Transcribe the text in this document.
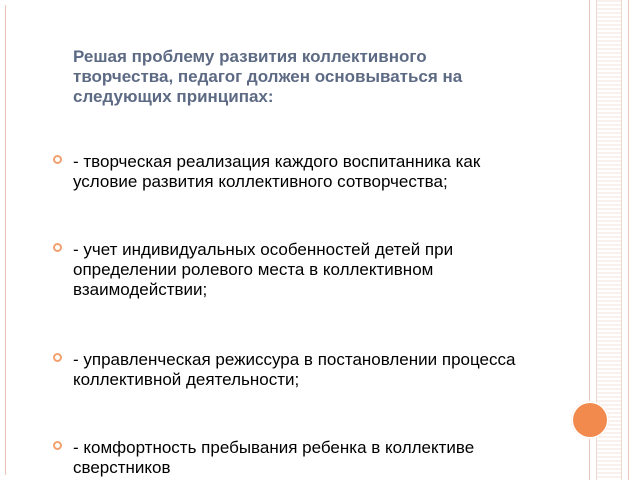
Решая проблему развития коллективного
творчества, педагог должен основываться на
следующих принципах:

- творческая реализация каждого воспитанника как
условие развития коллективного сотворчества;

- учет индивидуальных особенностей детей при
определении ролевого места в коллективном
взаимодействии;

- управленческая режиссура в постановлении процесса
коллективной деятельности;

- комфортность пребывания ребенка в коллективе
сверстников
